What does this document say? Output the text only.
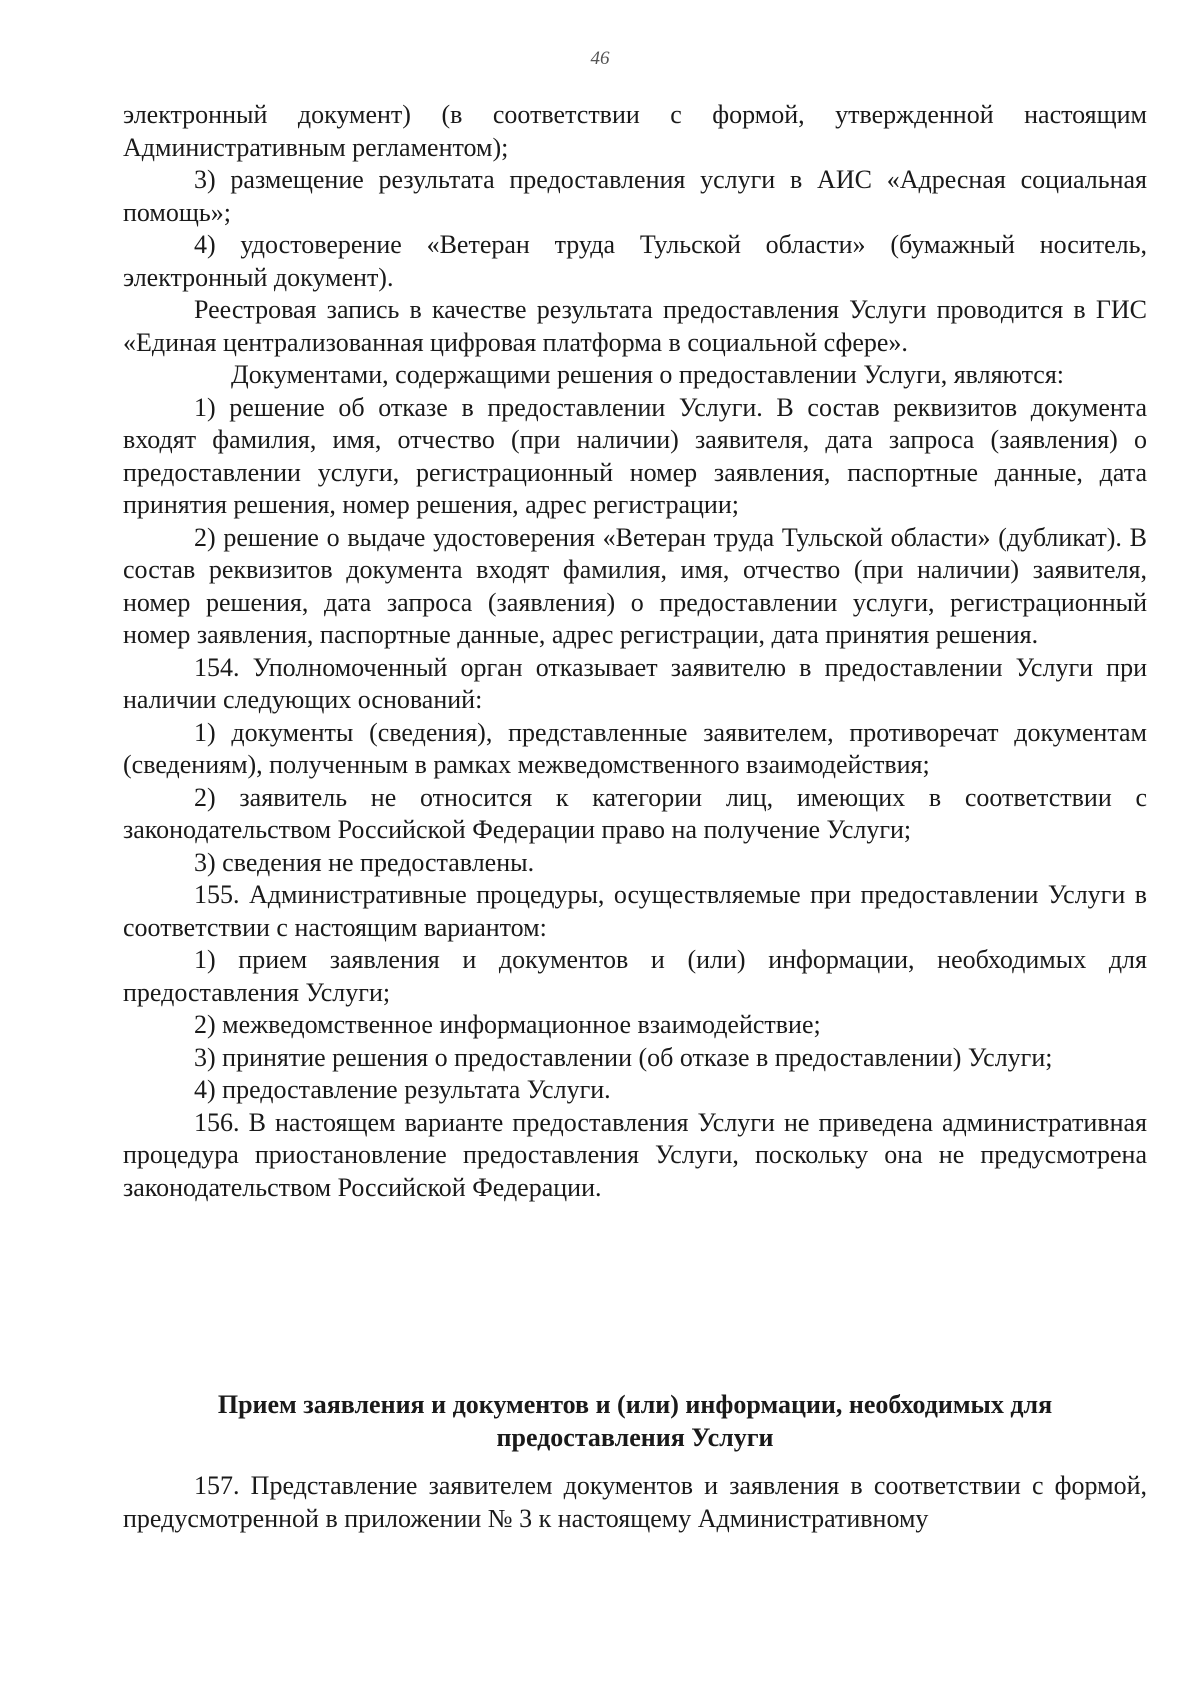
46

электронный документ) (в соответствии с формой, утвержденной настоящим Административным регламентом);

3) размещение результата предоставления услуги в АИС «Адресная социальная помощь»;

4) удостоверение «Ветеран труда Тульской области» (бумажный носитель, электронный документ).

Реестровая запись в качестве результата предоставления Услуги проводится в ГИС «Единая централизованная цифровая платформа в социальной сфере».

Документами, содержащими решения о предоставлении Услуги, являются:

1) решение об отказе в предоставлении Услуги. В состав реквизитов документа входят фамилия, имя, отчество (при наличии) заявителя, дата запроса (заявления) о предоставлении услуги, регистрационный номер заявления, паспортные данные, дата принятия решения, номер решения, адрес регистрации;

2) решение о выдаче удостоверения «Ветеран труда Тульской области» (дубликат). В состав реквизитов документа входят фамилия, имя, отчество (при наличии) заявителя, номер решения, дата запроса (заявления) о предоставлении услуги, регистрационный номер заявления, паспортные данные, адрес регистрации, дата принятия решения.

154. Уполномоченный орган отказывает заявителю в предоставлении Услуги при наличии следующих оснований:

1) документы (сведения), представленные заявителем, противоречат документам (сведениям), полученным в рамках межведомственного взаимодействия;

2) заявитель не относится к категории лиц, имеющих в соответствии с законодательством Российской Федерации право на получение Услуги;

3) сведения не предоставлены.

155. Административные процедуры, осуществляемые при предоставлении Услуги в соответствии с настоящим вариантом:

1) прием заявления и документов и (или) информации, необходимых для предоставления Услуги;

2) межведомственное информационное взаимодействие;

3) принятие решения о предоставлении (об отказе в предоставлении) Услуги;

4) предоставление результата Услуги.

156. В настоящем варианте предоставления Услуги не приведена административная процедура приостановление предоставления Услуги, поскольку она не предусмотрена законодательством Российской Федерации.

Прием заявления и документов и (или) информации, необходимых для
предоставления Услуги

157. Представление заявителем документов и заявления в соответствии с формой, предусмотренной в приложении № 3 к настоящему Административному
